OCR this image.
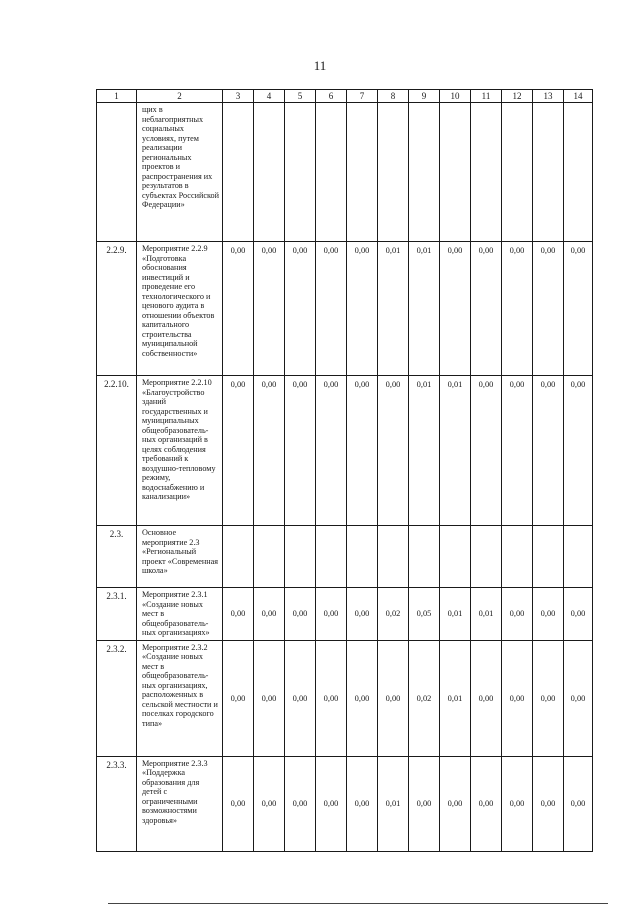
11
1	2	3	4	5	6	7	8	9	10	11	12	13	14
	щих в неблагоприятных социальных условиях, путем реализации региональных проектов и распространения их результатов в субъектах Российской Федерации»												
2.2.9.	Мероприятие 2.2.9 «Подготовка обоснования инвестиций и проведение его технологического и ценового аудита в отношении объектов капитального строительства муниципальной собственности»	0,00	0,00	0,00	0,00	0,00	0,01	0,01	0,00	0,00	0,00	0,00	0,00
2.2.10.	Мероприятие 2.2.10 «Благоустройство зданий государственных и муниципальных общеобразователь-ных организаций в целях соблюдения требований к воздушно-тепловому режиму, водоснабжению и канализации»	0,00	0,00	0,00	0,00	0,00	0,00	0,01	0,01	0,00	0,00	0,00	0,00
2.3.	Основное мероприятие 2.3 «Региональный проект «Современная школа»												
2.3.1.	Мероприятие 2.3.1 «Создание новых мест в общеобразователь-ных организациях»	0,00	0,00	0,00	0,00	0,00	0,02	0,05	0,01	0,01	0,00	0,00	0,00
2.3.2.	Мероприятие 2.3.2 «Создание новых мест в общеобразователь-ных организациях, расположенных в сельской местности и поселках городского типа»	0,00	0,00	0,00	0,00	0,00	0,00	0,02	0,01	0,00	0,00	0,00	0,00
2.3.3.	Мероприятие 2.3.3 «Поддержка образования для детей с ограниченными возможностями здоровья»	0,00	0,00	0,00	0,00	0,00	0,01	0,00	0,00	0,00	0,00	0,00	0,00
